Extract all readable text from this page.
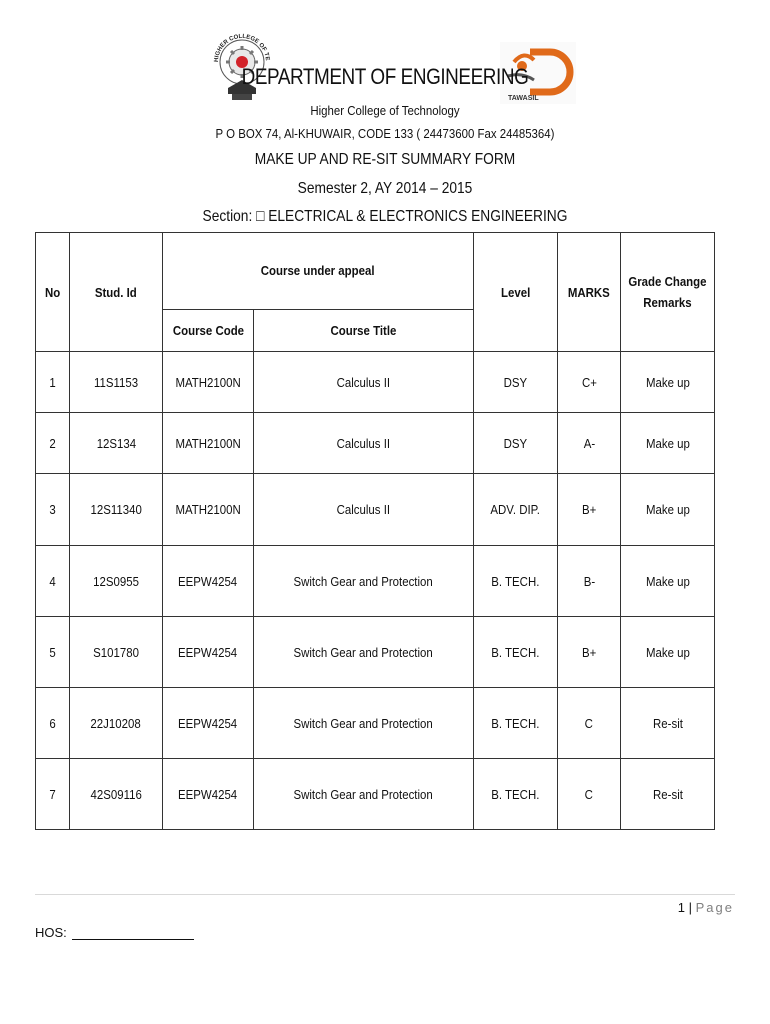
HIGHER COLLEGE OF TE
TAWASIL
DEPARTMENT OF ENGINEERING
Higher College of Technology
P O BOX 74, Al-KHUWAIR, CODE 133 ( 24473600 Fax 24485364)
MAKE UP AND RE-SIT SUMMARY FORM
Semester 2, AY 2014 – 2015
Section: □ ELECTRICAL & ELECTRONICS ENGINEERING
No	Stud. Id	Course under appeal		Level	MARKS	Grade Change
Remarks
		Course Code	Course Title			
1	11S1153	MATH2100N	Calculus II	DSY	C+	Make up
2	12S134	MATH2100N	Calculus II	DSY	A-	Make up
3	12S11340	MATH2100N	Calculus II	ADV. DIP.	B+	Make up
4	12S0955	EEPW4254	Switch Gear and Protection	B. TECH.	B-	Make up
5	S101780	EEPW4254	Switch Gear and Protection	B. TECH.	B+	Make up
6	22J10208	EEPW4254	Switch Gear and Protection	B. TECH.	C	Re-sit
7	42S09116	EEPW4254	Switch Gear and Protection	B. TECH.	C	Re-sit
1 | Page
HOS:
